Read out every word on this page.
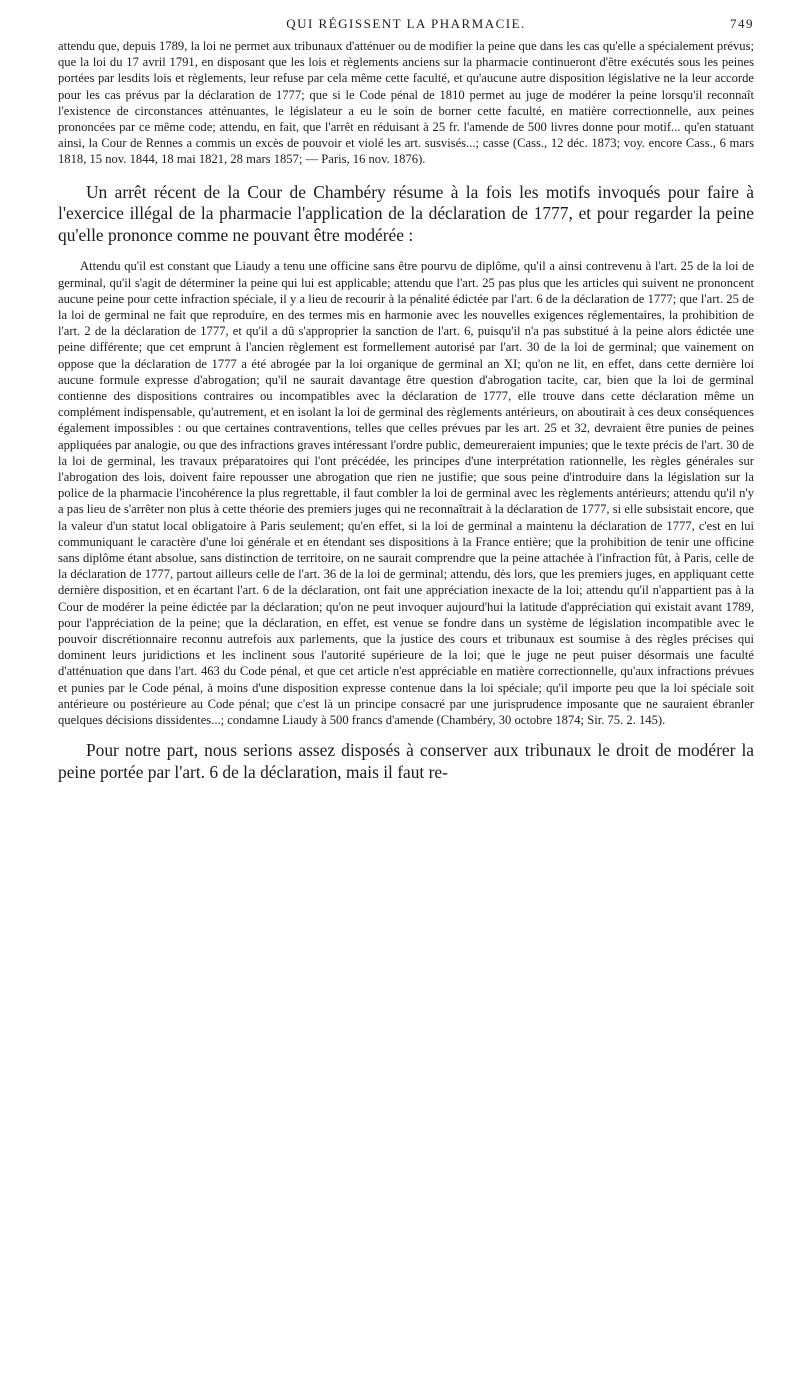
QUI RÉGISSENT LA PHARMACIE.	749

attendu que, depuis 1789, la loi ne permet aux tribunaux d'atténuer ou de modifier la peine que dans les cas qu'elle a spécialement prévus; que la loi du 17 avril 1791, en disposant que les lois et règlements anciens sur la pharmacie continueront d'être exécutés sous les peines portées par lesdits lois et règlements, leur refuse par cela même cette faculté, et qu'aucune autre disposition législative ne la leur accorde pour les cas prévus par la déclaration de 1777; que si le Code pénal de 1810 permet au juge de modérer la peine lorsqu'il reconnaît l'existence de circonstances atténuantes, le législateur a eu le soin de borner cette faculté, en matière correctionnelle, aux peines prononcées par ce même code; attendu, en fait, que l'arrêt en réduisant à 25 fr. l'amende de 500 livres donne pour motif... qu'en statuant ainsi, la Cour de Rennes a commis un excès de pouvoir et violé les art. susvisés...; casse (Cass., 12 déc. 1873; voy. encore Cass., 6 mars 1818, 15 nov. 1844, 18 mai 1821, 28 mars 1857; — Paris, 16 nov. 1876).

Un arrêt récent de la Cour de Chambéry résume à la fois les motifs invoqués pour faire à l'exercice illégal de la pharmacie l'application de la déclaration de 1777, et pour regarder la peine qu'elle prononce comme ne pouvant être modérée :

Attendu qu'il est constant que Liaudy a tenu une officine sans être pourvu de diplôme, qu'il a ainsi contrevenu à l'art. 25 de la loi de germinal, qu'il s'agit de déterminer la peine qui lui est applicable; attendu que l'art. 25 pas plus que les articles qui suivent ne prononcent aucune peine pour cette infraction spéciale, il y a lieu de recourir à la pénalité édictée par l'art. 6 de la déclaration de 1777; que l'art. 25 de la loi de germinal ne fait que reproduire, en des termes mis en harmonie avec les nouvelles exigences réglementaires, la prohibition de l'art. 2 de la déclaration de 1777, et qu'il a dû s'approprier la sanction de l'art. 6, puisqu'il n'a pas substitué à la peine alors édictée une peine différente; que cet emprunt à l'ancien règlement est formellement autorisé par l'art. 30 de la loi de germinal; que vainement on oppose que la déclaration de 1777 a été abrogée par la loi organique de germinal an XI; qu'on ne lit, en effet, dans cette dernière loi aucune formule expresse d'abrogation; qu'il ne saurait davantage être question d'abrogation tacite, car, bien que la loi de germinal contienne des dispositions contraires ou incompatibles avec la déclaration de 1777, elle trouve dans cette déclaration même un complément indispensable, qu'autrement, et en isolant la loi de germinal des règlements antérieurs, on aboutirait à ces deux conséquences également impossibles : ou que certaines contraventions, telles que celles prévues par les art. 25 et 32, devraient être punies de peines appliquées par analogie, ou que des infractions graves intéressant l'ordre public, demeureraient impunies; que le texte précis de l'art. 30 de la loi de germinal, les travaux préparatoires qui l'ont précédée, les principes d'une interprétation rationnelle, les règles générales sur l'abrogation des lois, doivent faire repousser une abrogation que rien ne justifie; que sous peine d'introduire dans la législation sur la police de la pharmacie l'incohérence la plus regrettable, il faut combler la loi de germinal avec les règlements antérieurs; attendu qu'il n'y a pas lieu de s'arrêter non plus à cette théorie des premiers juges qui ne reconnaîtrait à la déclaration de 1777, si elle subsistait encore, que la valeur d'un statut local obligatoire à Paris seulement; qu'en effet, si la loi de germinal a maintenu la déclaration de 1777, c'est en lui communiquant le caractère d'une loi générale et en étendant ses dispositions à la France entière; que la prohibition de tenir une officine sans diplôme étant absolue, sans distinction de territoire, on ne saurait comprendre que la peine attachée à l'infraction fût, à Paris, celle de la déclaration de 1777, partout ailleurs celle de l'art. 36 de la loi de germinal; attendu, dès lors, que les premiers juges, en appliquant cette dernière disposition, et en écartant l'art. 6 de la déclaration, ont fait une appréciation inexacte de la loi; attendu qu'il n'appartient pas à la Cour de modérer la peine édictée par la déclaration; qu'on ne peut invoquer aujourd'hui la latitude d'appréciation qui existait avant 1789, pour l'appréciation de la peine; que la déclaration, en effet, est venue se fondre dans un système de législation incompatible avec le pouvoir discrétionnaire reconnu autrefois aux parlements, que la justice des cours et tribunaux est soumise à des règles précises qui dominent leurs juridictions et les inclinent sous l'autorité supérieure de la loi; que le juge ne peut puiser désormais une faculté d'atténuation que dans l'art. 463 du Code pénal, et que cet article n'est appréciable en matière correctionnelle, qu'aux infractions prévues et punies par le Code pénal, à moins d'une disposition expresse contenue dans la loi spéciale; qu'il importe peu que la loi spéciale soit antérieure ou postérieure au Code pénal; que c'est là un principe consacré par une jurisprudence imposante que ne sauraient ébranler quelques décisions dissidentes...; condamne Liaudy à 500 francs d'amende (Chambéry, 30 octobre 1874; Sir. 75. 2. 145).

Pour notre part, nous serions assez disposés à conserver aux tribunaux le droit de modérer la peine portée par l'art. 6 de la déclaration, mais il faut re-
